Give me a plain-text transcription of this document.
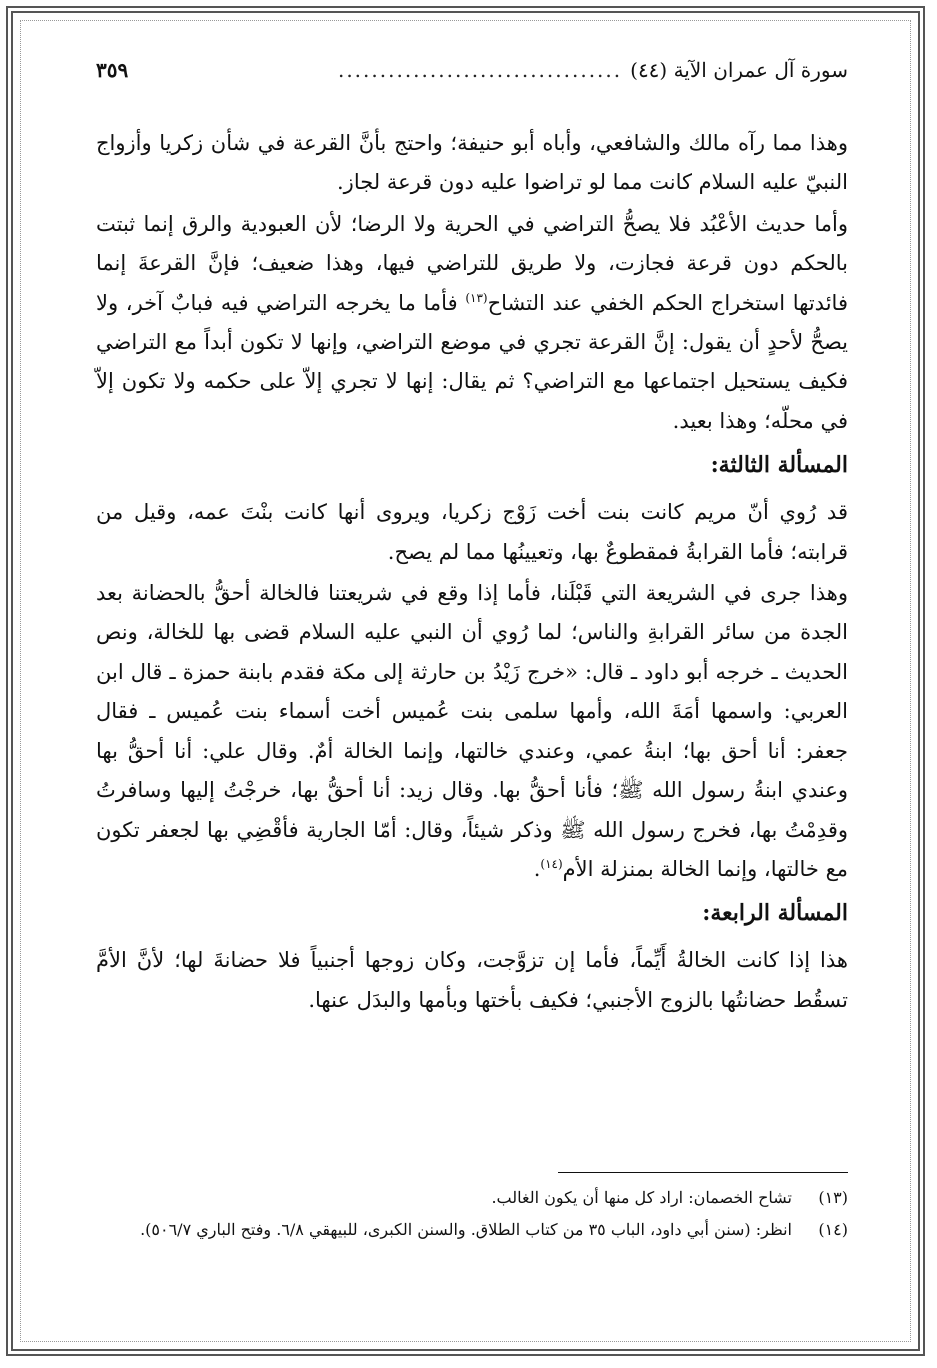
سورة آل عمران الآية (٤٤)
..................................
٣٥٩

وهذا مما رآه مالك والشافعي، وأباه أبو حنيفة؛ واحتج بأنَّ القرعة في شأن زكريا وأزواج النبيّ عليه السلام كانت مما لو تراضوا عليه دون قرعة لجاز.

وأما حديث الأعْبُد فلا يصحُّ التراضي في الحرية ولا الرضا؛ لأن العبودية والرق إنما ثبتت بالحكم دون قرعة فجازت، ولا طريق للتراضي فيها، وهذا ضعيف؛ فإنَّ القرعةَ إنما فائدتها استخراج الحكم الخفي عند التشاح$^{(١٣)}$ فأما ما يخرجه التراضي فيه فبابٌ آخر، ولا يصحُّ لأحدٍ أن يقول: إنَّ القرعة تجري في موضع التراضي، وإنها لا تكون أبداً مع التراضي فكيف يستحيل اجتماعها مع التراضي؟ ثم يقال: إنها لا تجري إلاّ على حكمه ولا تكون إلاّ في محلّه؛ وهذا بعيد.

المسألة الثالثة:

قد رُوي أنّ مريم كانت بنت أخت زَوْج زكريا، ويروى أنها كانت بنْتَ عمه، وقيل من قرابته؛ فأما القرابةُ فمقطوعٌ بها، وتعيينُها مما لم يصح.

وهذا جرى في الشريعة التي قَبْلَنا، فأما إذا وقع في شريعتنا فالخالة أحقُّ بالحضانة بعد الجدة من سائر القرابةِ والناس؛ لما رُوي أن النبي عليه السلام قضى بها للخالة، ونص الحديث ـ خرجه أبو داود ـ قال: «خرج زَيْدُ بن حارثة إلى مكة فقدم بابنة حمزة ـ قال ابن العربي: واسمها أمَةَ الله، وأمها سلمى بنت عُميس أخت أسماء بنت عُميس ـ فقال جعفر: أنا أحق بها؛ ابنةُ عمي، وعندي خالتها، وإنما الخالة أمٌ. وقال علي: أنا أحقُّ بها وعندي ابنةُ رسول الله ﷺ؛ فأنا أحقُّ بها. وقال زيد: أنا أحقُّ بها، خرجْتُ إليها وسافرتُ وقدِمْتُ بها، فخرج رسول الله ﷺ وذكر شيئاً، وقال: أمّا الجارية فأقْضِي بها لجعفر تكون مع خالتها، وإنما الخالة بمنزلة الأم$^{(١٤)}$.

المسألة الرابعة:

هذا إذا كانت الخالةُ أَيِّماً، فأما إن تزوَّجت، وكان زوجها أجنبياً فلا حضانةَ لها؛ لأنَّ الأمَّ تسقُط حضانتُها بالزوج الأجنبي؛ فكيف بأختها وبأمها والبدَل عنها.

(١٣)
تشاح الخصمان: اراد كل منها أن يكون الغالب.
(١٤)
انظر: (سنن أبي داود، الباب ٣٥ من كتاب الطلاق. والسنن الكبرى، للبيهقي ٦/٨. وفتح الباري ٥٠٦/٧).
